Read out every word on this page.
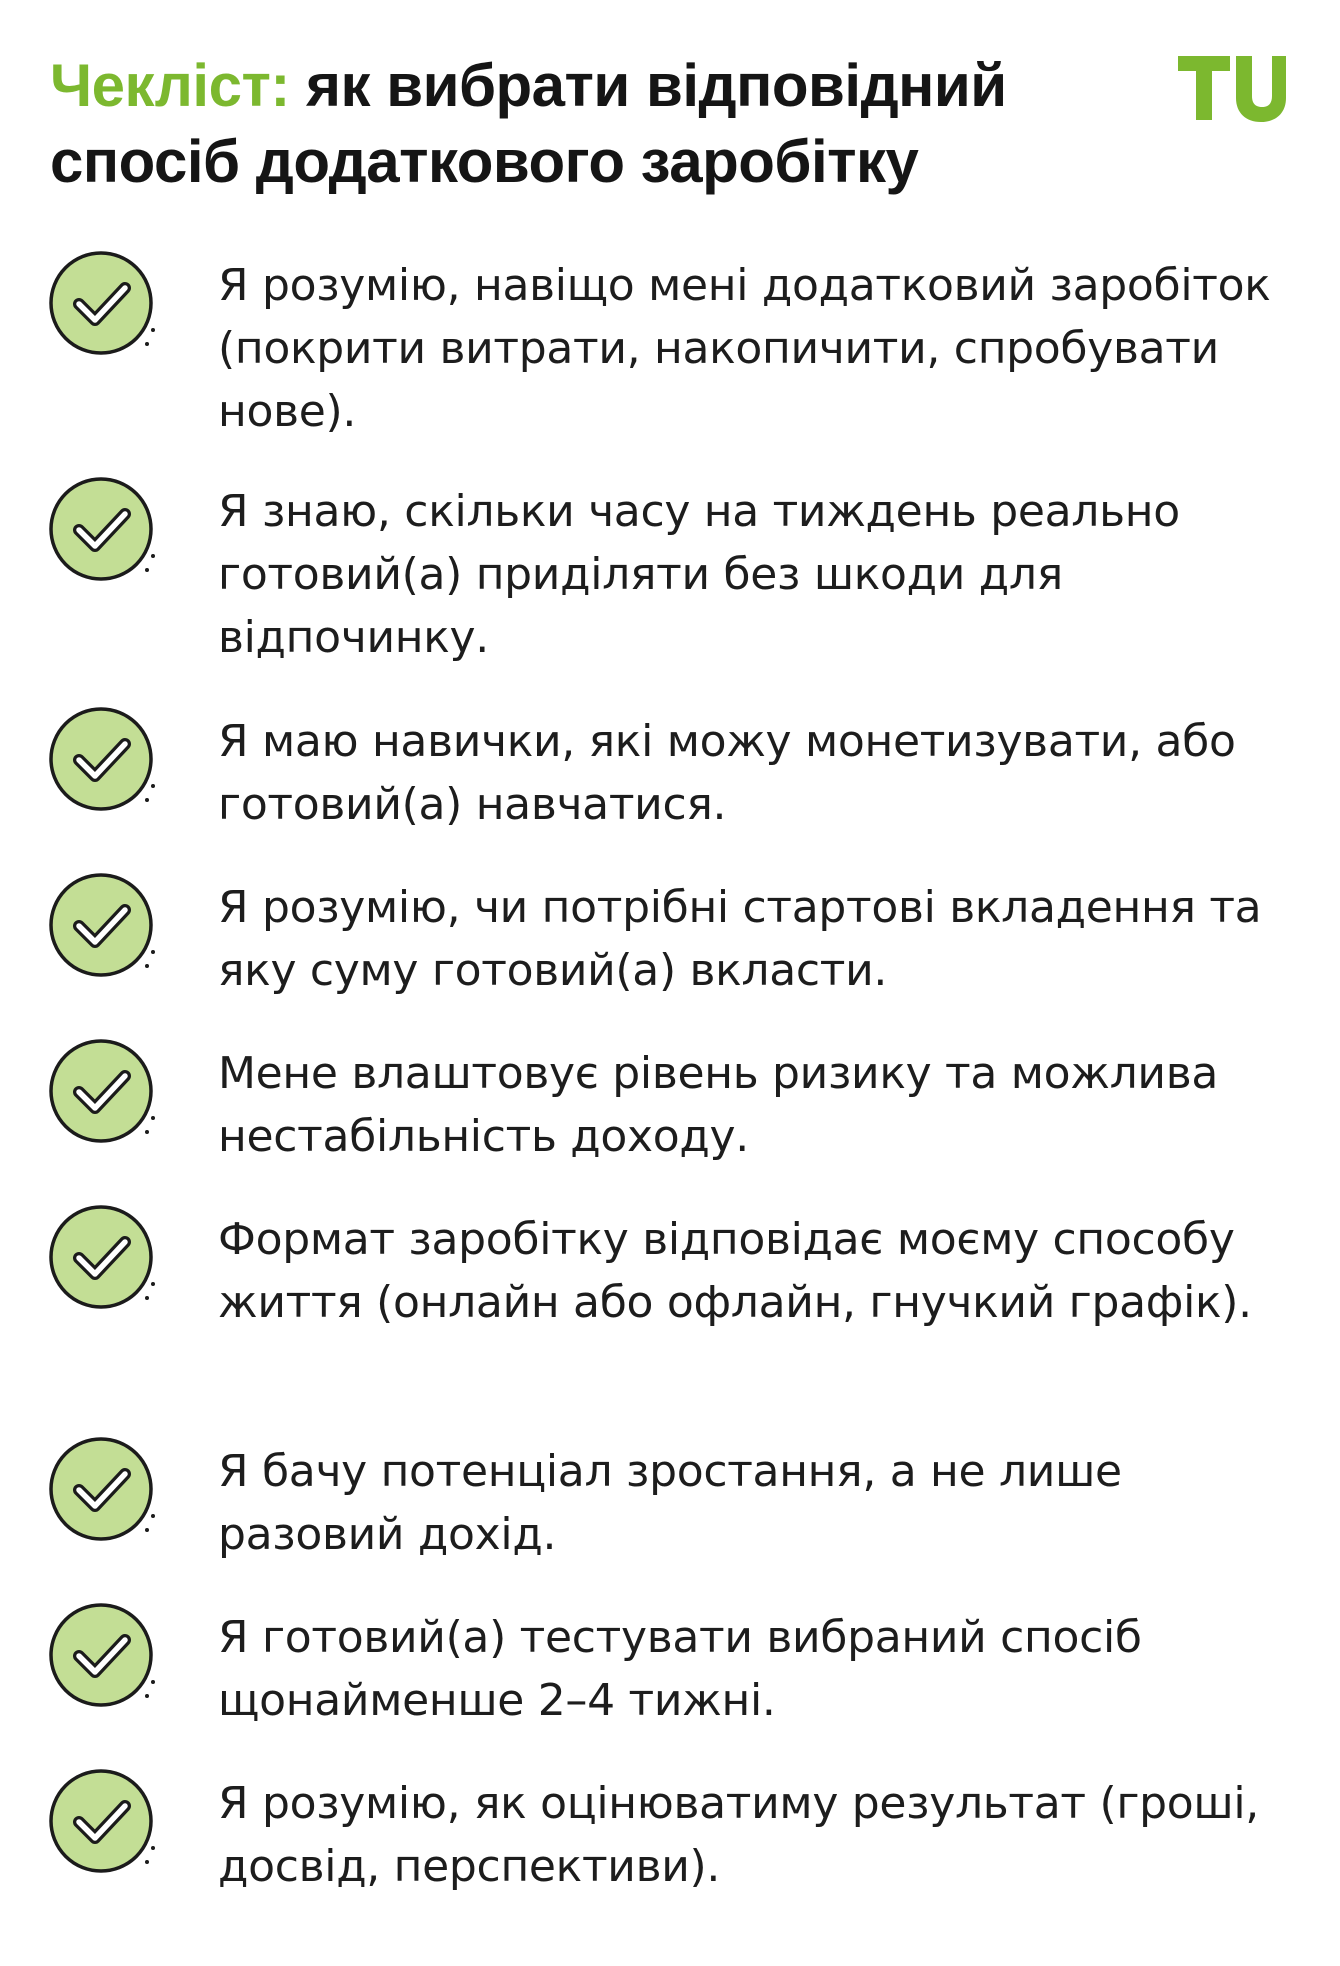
Чекліст: як вибрати відповідний спосіб додаткового заробітку
Я розумію, навіщо мені додатковий заробіток (покрити витрати, накопичити, спробувати нове).
Я знаю, скільки часу на тиждень реально готовий(а) приділяти без шкоди для відпочинку.
Я маю навички, які можу монетизувати, або готовий(а) навчатися.
Я розумію, чи потрібні стартові вкладення та яку суму готовий(а) вкласти.
Мене влаштовує рівень ризику та можлива нестабільність доходу.
Формат заробітку відповідає моєму способу життя (онлайн або офлайн, гнучкий графік).
Я бачу потенціал зростання, а не лише разовий дохід.
Я готовий(а) тестувати вибраний спосіб щонайменше 2–4 тижні.
Я розумію, як оцінюватиму результат (гроші, досвід, перспективи).
